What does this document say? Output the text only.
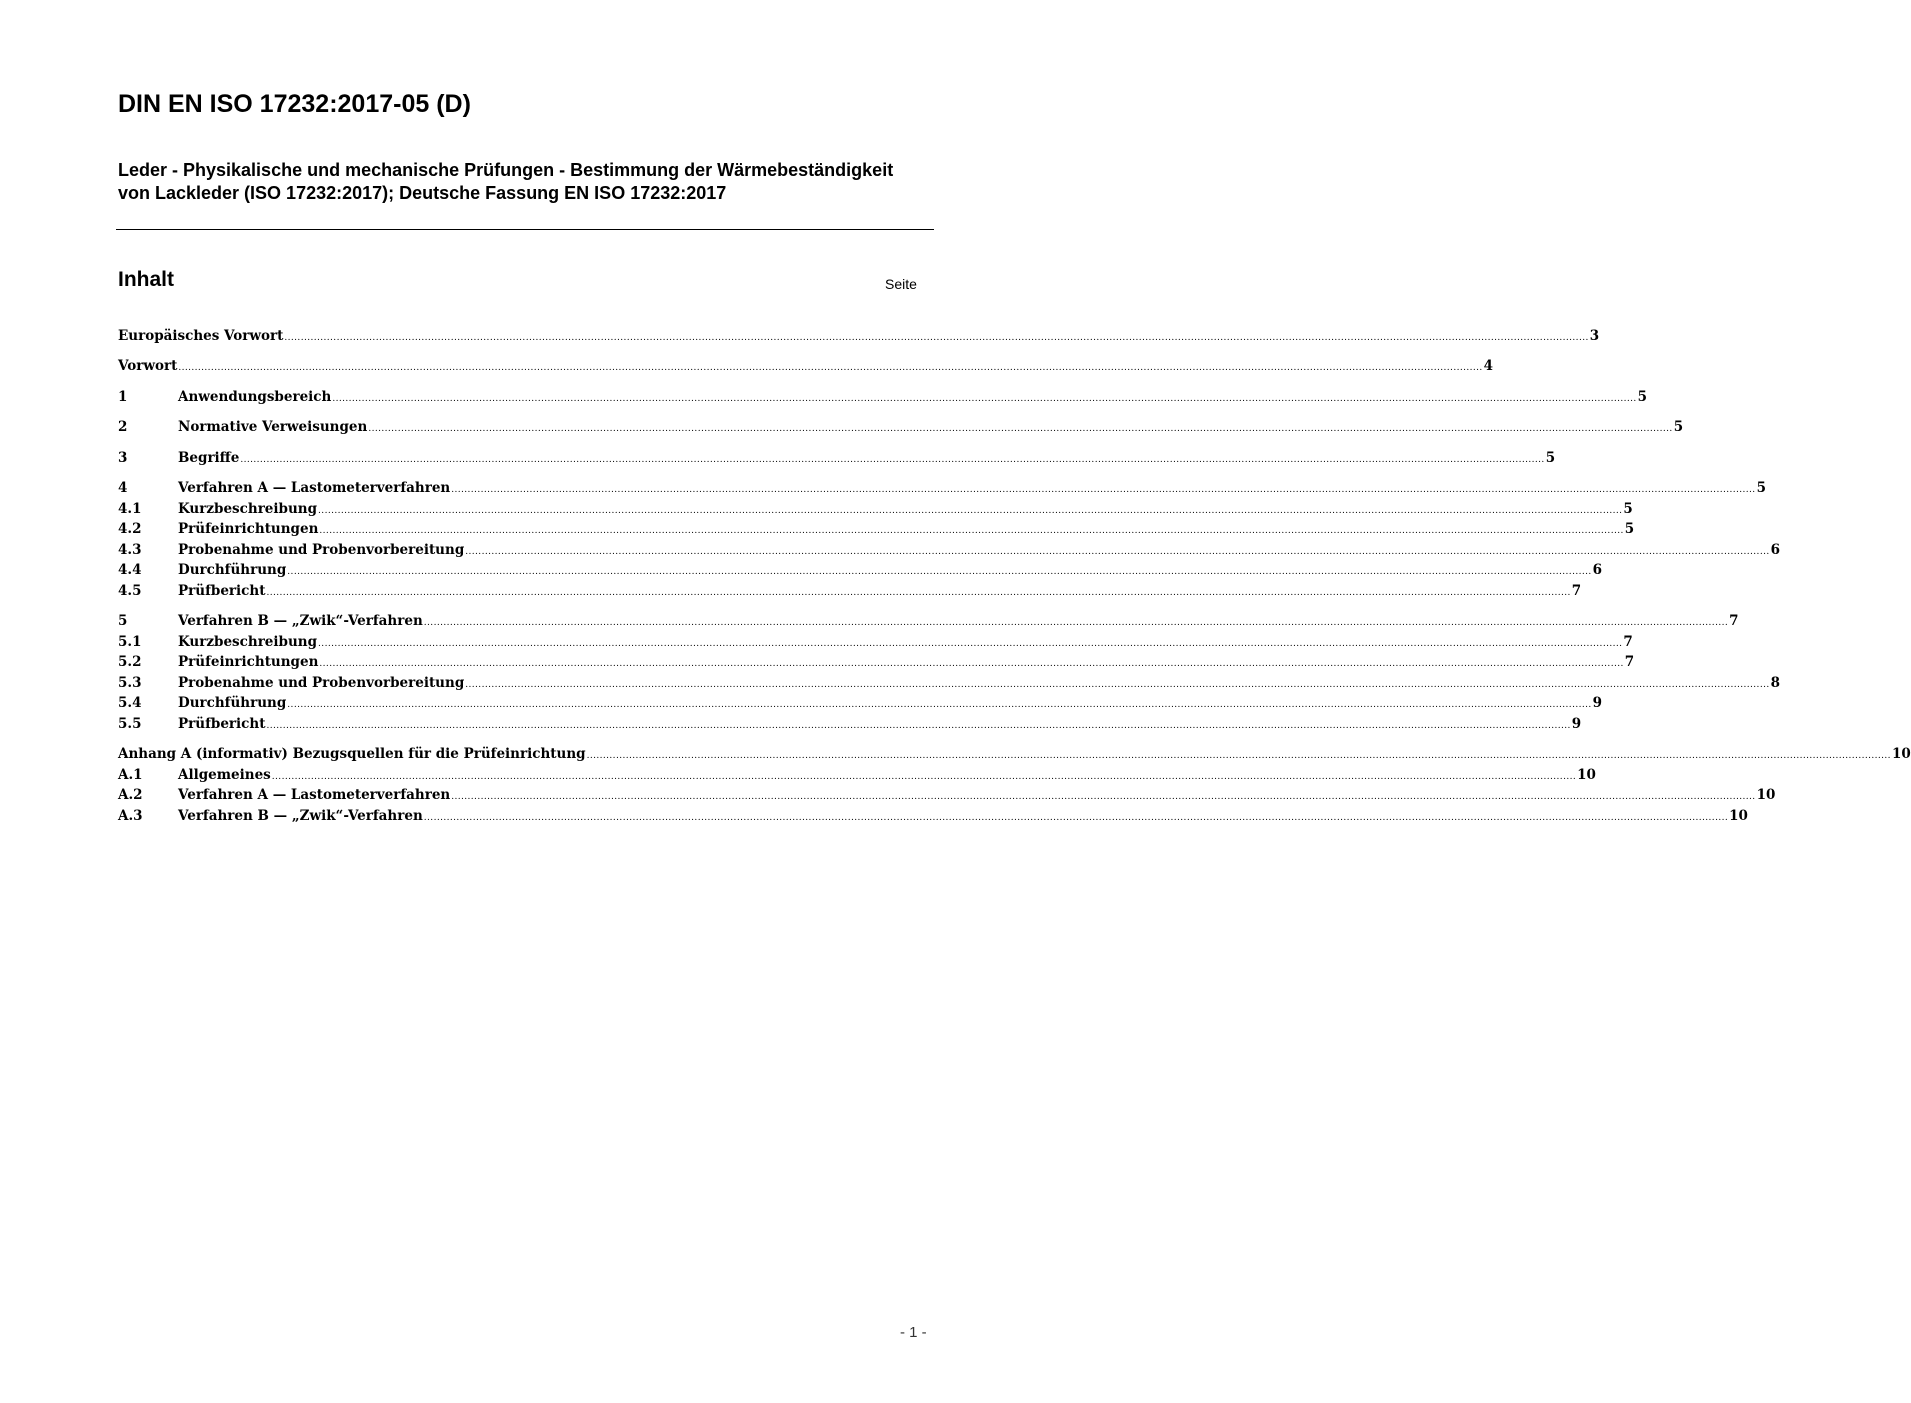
DIN EN ISO 17232:2017-05 (D)
Leder - Physikalische und mechanische Prüfungen - Bestimmung der Wärmebeständigkeit von Lackleder (ISO 17232:2017); Deutsche Fassung EN ISO 17232:2017
Inhalt	Seite
Europäisches Vorwort ................................................................................................................................................................................................................................................................................................................................................................................................................ 3
Vorwort ................................................................................................................................................................................................................................................................................................................................................................................................................ 4
1	Anwendungsbereich ................................................................................................................................................................................................................................................................................................................................................................................................................ 5
2	Normative Verweisungen ................................................................................................................................................................................................................................................................................................................................................................................................................ 5
3	Begriffe ................................................................................................................................................................................................................................................................................................................................................................................................................ 5
4	Verfahren A — Lastometerverfahren ................................................................................................................................................................................................................................................................................................................................................................................................................ 5
4.1	Kurzbeschreibung ................................................................................................................................................................................................................................................................................................................................................................................................................ 5
4.2	Prüfeinrichtungen ................................................................................................................................................................................................................................................................................................................................................................................................................ 5
4.3	Probenahme und Probenvorbereitung ................................................................................................................................................................................................................................................................................................................................................................................................................ 6
4.4	Durchführung ................................................................................................................................................................................................................................................................................................................................................................................................................ 6
4.5	Prüfbericht ................................................................................................................................................................................................................................................................................................................................................................................................................ 7
5	Verfahren B — „Zwik“-Verfahren ................................................................................................................................................................................................................................................................................................................................................................................................................ 7
5.1	Kurzbeschreibung ................................................................................................................................................................................................................................................................................................................................................................................................................ 7
5.2	Prüfeinrichtungen ................................................................................................................................................................................................................................................................................................................................................................................................................ 7
5.3	Probenahme und Probenvorbereitung ................................................................................................................................................................................................................................................................................................................................................................................................................ 8
5.4	Durchführung ................................................................................................................................................................................................................................................................................................................................................................................................................ 9
5.5	Prüfbericht ................................................................................................................................................................................................................................................................................................................................................................................................................ 9
Anhang A (informativ) Bezugsquellen für die Prüfeinrichtung ................................................................................................................................................................................................................................................................................................................................................................................................................ 10
A.1	Allgemeines ................................................................................................................................................................................................................................................................................................................................................................................................................ 10
A.2	Verfahren A — Lastometerverfahren ................................................................................................................................................................................................................................................................................................................................................................................................................ 10
A.3	Verfahren B — „Zwik“-Verfahren ................................................................................................................................................................................................................................................................................................................................................................................................................ 10
- 1 -
